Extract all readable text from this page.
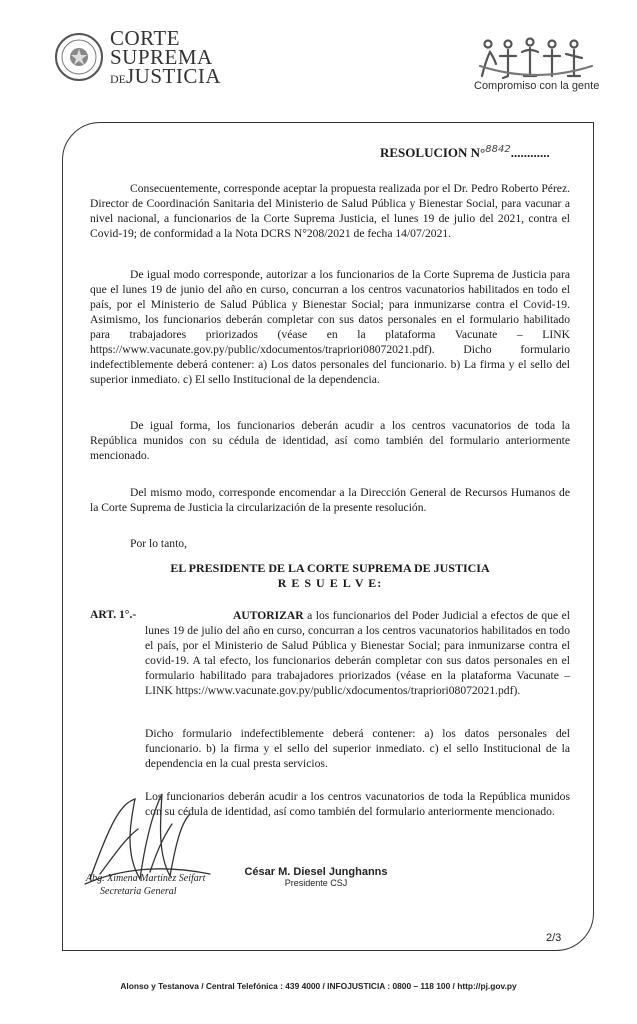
CORTE
SUPREMA
DEJUSTICIA	Compromiso con la gente
RESOLUCION N°$^{8842}$............
Consecuentemente, corresponde aceptar la propuesta realizada por el Dr. Pedro Roberto Pérez. Director de Coordinación Sanitaria del Ministerio de Salud Pública y Bienestar Social, para vacunar a nivel nacional, a funcionarios de la Corte Suprema Justicia, el lunes 19 de julio del 2021, contra el Covid-19; de conformidad a la Nota DCRS N°208/2021 de fecha 14/07/2021.
De igual modo corresponde, autorizar a los funcionarios de la Corte Suprema de Justicia para que el lunes 19 de junio del año en curso, concurran a los centros vacunatorios habilitados en todo el país, por el Ministerio de Salud Pública y Bienestar Social; para inmunizarse contra el Covid-19. Asimismo, los funcionarios deberán completar con sus datos personales en el formulario habilitado para trabajadores priorizados (véase en la plataforma Vacunate – LINK https://www.vacunate.gov.py/public/xdocumentos/trapriori08072021.pdf). Dicho formulario indefectiblemente deberá contener: a) Los datos personales del funcionario. b) La firma y el sello del superior inmediato. c) El sello Institucional de la dependencia.
De igual forma, los funcionarios deberán acudir a los centros vacunatorios de toda la República munidos con su cédula de identidad, así como también del formulario anteriormente mencionado.
Del mismo modo, corresponde encomendar a la Dirección General de Recursos Humanos de la Corte Suprema de Justicia la circularización de la presente resolución.
Por lo tanto,
EL PRESIDENTE DE LA CORTE SUPREMA DE JUSTICIA
R E S U E L V E:
ART. 1°.-	AUTORIZAR a los funcionarios del Poder Judicial a efectos de que el lunes 19 de julio del año en curso, concurran a los centros vacunatorios habilitados en todo el país, por el Ministerio de Salud Pública y Bienestar Social; para inmunizarse contra el covid-19. A tal efecto, los funcionarios deberán completar con sus datos personales en el formulario habilitado para trabajadores priorizados (véase en la plataforma Vacunate – LINK https://www.vacunate.gov.py/public/xdocumentos/trapriori08072021.pdf).
Dicho formulario indefectiblemente deberá contener: a) los datos personales del funcionario. b) la firma y el sello del superior inmediato. c) el sello Institucional de la dependencia en la cual presta servicios.
Los funcionarios deberán acudir a los centros vacunatorios de toda la República munidos con su cédula de identidad, así como también del formulario anteriormente mencionado.
César M. Diesel Junghanns
Presidente CSJ
Abg. Ximena Martínez Seifart
Secretaria General
2/3
Alonso y Testanova / Central Telefónica : 439 4000 / INFOJUSTICIA : 0800 – 118 100 / http://pj.gov.py
